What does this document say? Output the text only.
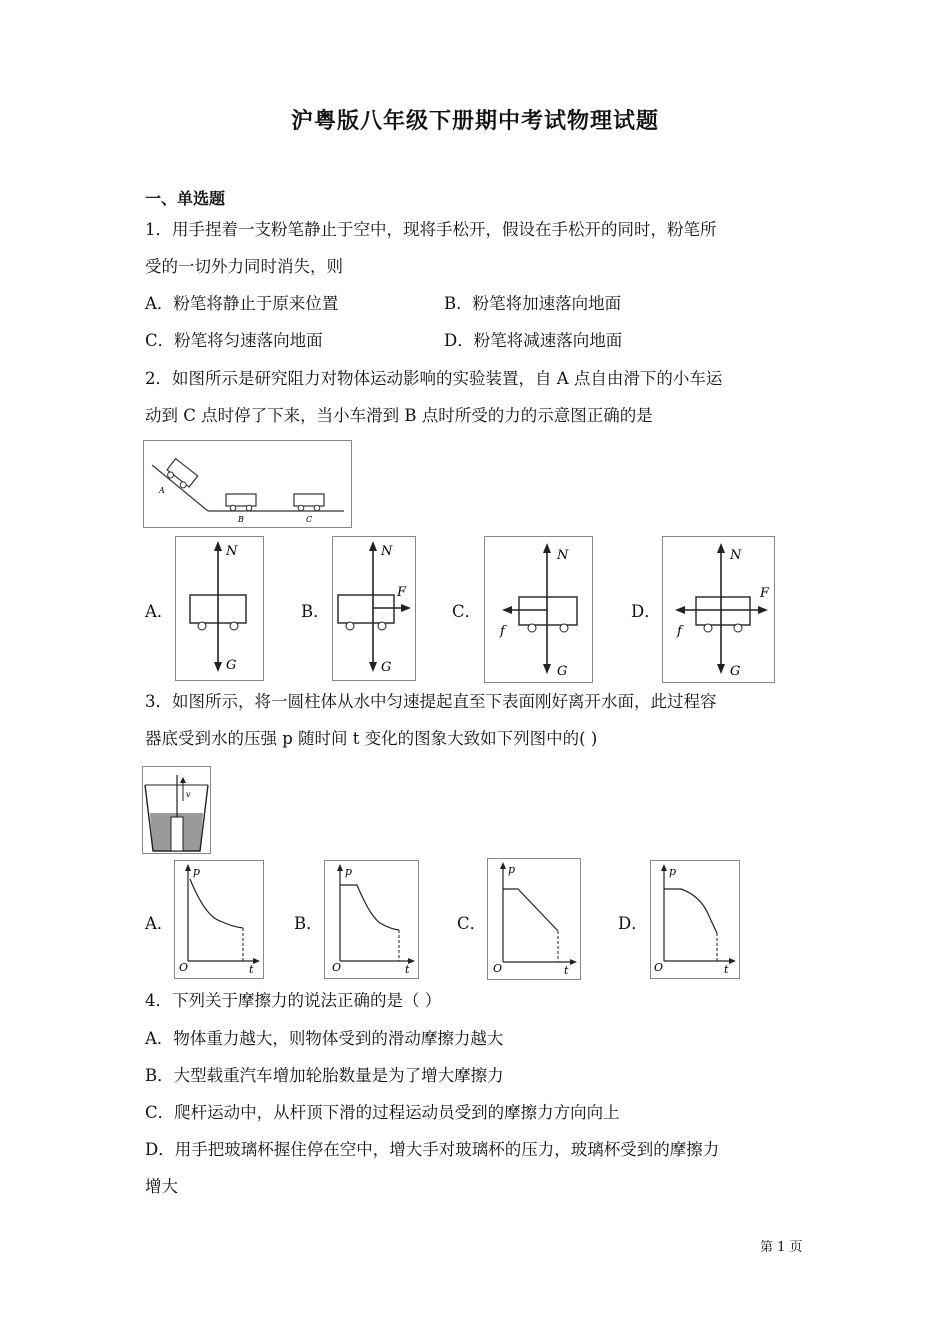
沪粤版八年级下册期中考试物理试题
一、单选题
1．用手捏着一支粉笔静止于空中，现将手松开，假设在手松开的同时，粉笔所
受的一切外力同时消失，则
A．粉笔将静止于原来位置	B．粉笔将加速落向地面
C．粉笔将匀速落向地面	D．粉笔将减速落向地面
2．如图所示是研究阻力对物体运动影响的实验装置，自 A 点自由滑下的小车运
动到 C 点时停了下来，当小车滑到 B 点时所受的力的示意图正确的是
A
B	C
A．
N
G
B．
N
F
G
C．
N
f
G
D．
N
F
f
G
3．如图所示，将一圆柱体从水中匀速提起直至下表面刚好离开水面，此过程容
器底受到水的压强 p 随时间 t 变化的图象大致如下列图中的( )
v
A．
p
t
O
B．
p
t
O
C．
p
t
O
D．
p
t
O
4．下列关于摩擦力的说法正确的是（ ）
A．物体重力越大，则物体受到的滑动摩擦力越大
B．大型载重汽车增加轮胎数量是为了增大摩擦力
C．爬杆运动中，从杆顶下滑的过程运动员受到的摩擦力方向向上
D．用手把玻璃杯握住停在空中，增大手对玻璃杯的压力，玻璃杯受到的摩擦力
增大
第 1 页
